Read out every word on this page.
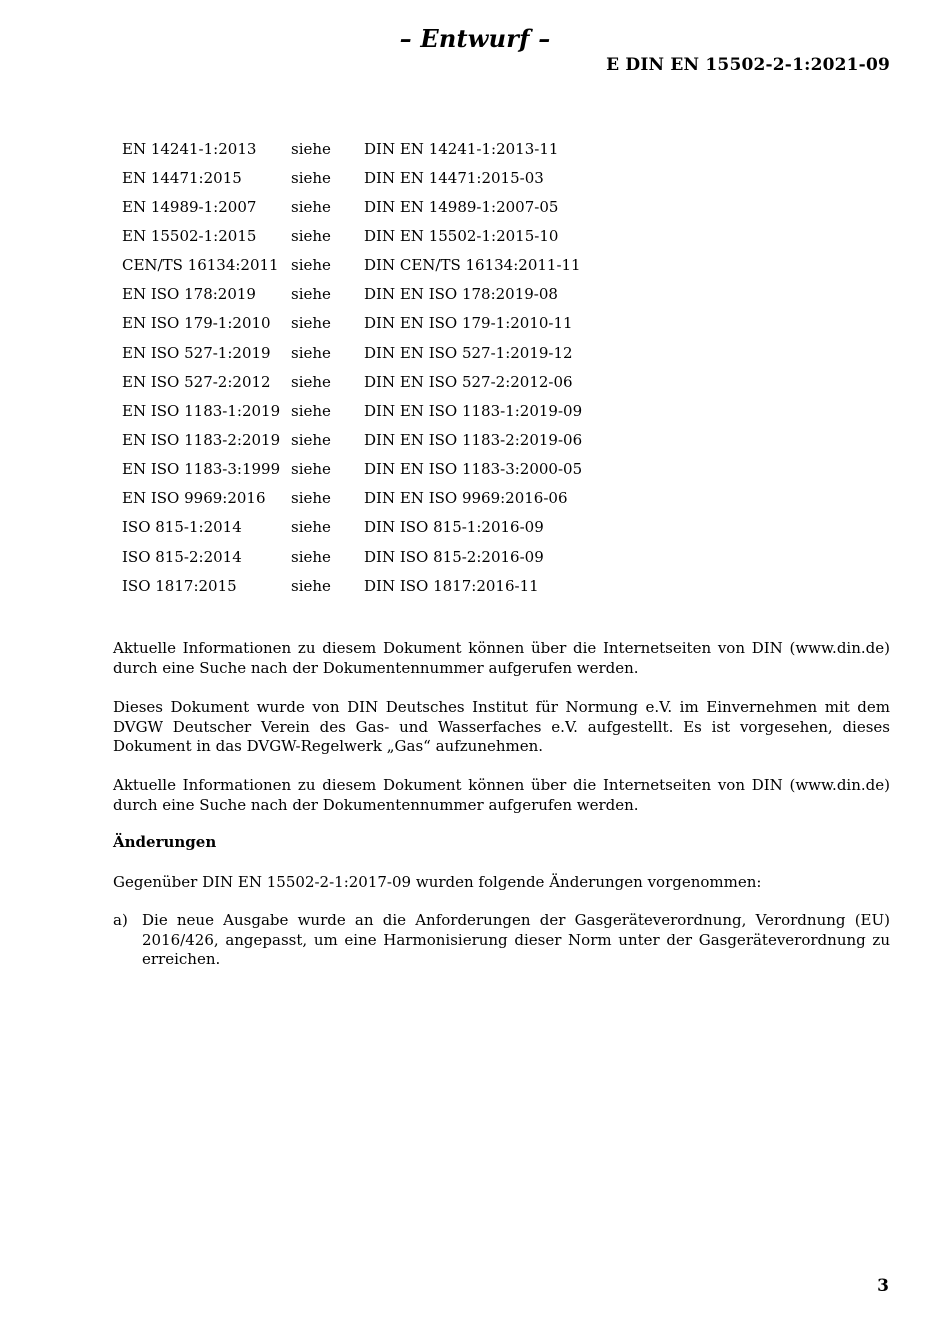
– Entwurf –
E DIN EN 15502-2-1:2021-09
EN 14241-1:2013	siehe	DIN EN 14241-1:2013-11
EN 14471:2015	siehe	DIN EN 14471:2015-03
EN 14989-1:2007	siehe	DIN EN 14989-1:2007-05
EN 15502-1:2015	siehe	DIN EN 15502-1:2015-10
CEN/TS 16134:2011	siehe	DIN CEN/TS 16134:2011-11
EN ISO 178:2019	siehe	DIN EN ISO 178:2019-08
EN ISO 179-1:2010	siehe	DIN EN ISO 179-1:2010-11
EN ISO 527-1:2019	siehe	DIN EN ISO 527-1:2019-12
EN ISO 527-2:2012	siehe	DIN EN ISO 527-2:2012-06
EN ISO 1183-1:2019	siehe	DIN EN ISO 1183-1:2019-09
EN ISO 1183-2:2019	siehe	DIN EN ISO 1183-2:2019-06
EN ISO 1183-3:1999	siehe	DIN EN ISO 1183-3:2000-05
EN ISO 9969:2016	siehe	DIN EN ISO 9969:2016-06
ISO 815-1:2014	siehe	DIN ISO 815-1:2016-09
ISO 815-2:2014	siehe	DIN ISO 815-2:2016-09
ISO 1817:2015	siehe	DIN ISO 1817:2016-11

Aktuelle Informationen zu diesem Dokument können über die Internetseiten von DIN (www.din.de) durch eine Suche nach der Dokumentennummer aufgerufen werden.

Dieses Dokument wurde von DIN Deutsches Institut für Normung e.V. im Einvernehmen mit dem DVGW Deutscher Verein des Gas- und Wasserfaches e.V. aufgestellt. Es ist vorgesehen, dieses Dokument in das DVGW-Regelwerk „Gas“ aufzunehmen.

Aktuelle Informationen zu diesem Dokument können über die Internetseiten von DIN (www.din.de) durch eine Suche nach der Dokumentennummer aufgerufen werden.

Änderungen

Gegenüber DIN EN 15502-2-1:2017-09 wurden folgende Änderungen vorgenommen:

a) Die neue Ausgabe wurde an die Anforderungen der Gasgeräteverordnung, Verordnung (EU) 2016/426, angepasst, um eine Harmonisierung dieser Norm unter der Gasgeräteverordnung zu erreichen.
3
